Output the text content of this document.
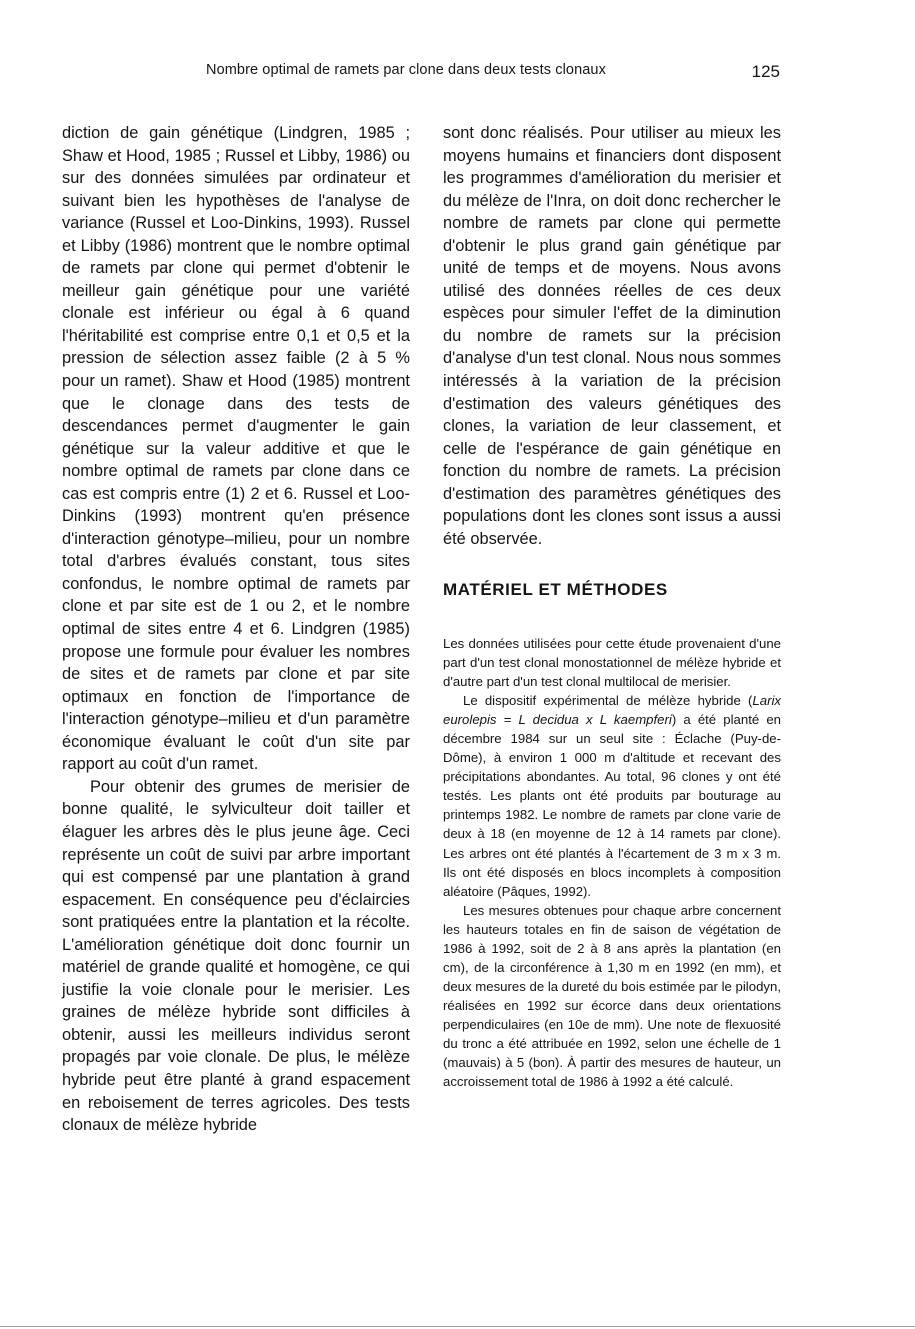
Nombre optimal de ramets par clone dans deux tests clonaux	125

diction de gain génétique (Lindgren, 1985 ; Shaw et Hood, 1985 ; Russel et Libby, 1986) ou sur des données simulées par ordinateur et suivant bien les hypothèses de l'analyse de variance (Russel et Loo-Dinkins, 1993). Russel et Libby (1986) montrent que le nombre optimal de ramets par clone qui permet d'obtenir le meilleur gain génétique pour une variété clonale est inférieur ou égal à 6 quand l'héritabilité est comprise entre 0,1 et 0,5 et la pression de sélection assez faible (2 à 5 % pour un ramet). Shaw et Hood (1985) montrent que le clonage dans des tests de descendances permet d'augmenter le gain génétique sur la valeur additive et que le nombre optimal de ramets par clone dans ce cas est compris entre (1) 2 et 6. Russel et Loo-Dinkins (1993) montrent qu'en présence d'interaction génotype–milieu, pour un nombre total d'arbres évalués constant, tous sites confondus, le nombre optimal de ramets par clone et par site est de 1 ou 2, et le nombre optimal de sites entre 4 et 6. Lindgren (1985) propose une formule pour évaluer les nombres de sites et de ramets par clone et par site optimaux en fonction de l'importance de l'interaction génotype–milieu et d'un paramètre économique évaluant le coût d'un site par rapport au coût d'un ramet.

Pour obtenir des grumes de merisier de bonne qualité, le sylviculteur doit tailler et élaguer les arbres dès le plus jeune âge. Ceci représente un coût de suivi par arbre important qui est compensé par une plantation à grand espacement. En conséquence peu d'éclaircies sont pratiquées entre la plantation et la récolte. L'amélioration génétique doit donc fournir un matériel de grande qualité et homogène, ce qui justifie la voie clonale pour le merisier. Les graines de mélèze hybride sont difficiles à obtenir, aussi les meilleurs individus seront propagés par voie clonale. De plus, le mélèze hybride peut être planté à grand espacement en reboisement de terres agricoles. Des tests clonaux de mélèze hybride

sont donc réalisés. Pour utiliser au mieux les moyens humains et financiers dont disposent les programmes d'amélioration du merisier et du mélèze de l'Inra, on doit donc rechercher le nombre de ramets par clone qui permette d'obtenir le plus grand gain génétique par unité de temps et de moyens. Nous avons utilisé des données réelles de ces deux espèces pour simuler l'effet de la diminution du nombre de ramets sur la précision d'analyse d'un test clonal. Nous nous sommes intéressés à la variation de la précision d'estimation des valeurs génétiques des clones, la variation de leur classement, et celle de l'espérance de gain génétique en fonction du nombre de ramets. La précision d'estimation des paramètres génétiques des populations dont les clones sont issus a aussi été observée.

MATÉRIEL ET MÉTHODES

Les données utilisées pour cette étude provenaient d'une part d'un test clonal monostationnel de mélèze hybride et d'autre part d'un test clonal multilocal de merisier.

Le dispositif expérimental de mélèze hybride (Larix eurolepis = L decidua x L kaempferi) a été planté en décembre 1984 sur un seul site : Éclache (Puy-de-Dôme), à environ 1 000 m d'altitude et recevant des précipitations abondantes. Au total, 96 clones y ont été testés. Les plants ont été produits par bouturage au printemps 1982. Le nombre de ramets par clone varie de deux à 18 (en moyenne de 12 à 14 ramets par clone). Les arbres ont été plantés à l'écartement de 3 m x 3 m. Ils ont été disposés en blocs incomplets à composition aléatoire (Pâques, 1992).

Les mesures obtenues pour chaque arbre concernent les hauteurs totales en fin de saison de végétation de 1986 à 1992, soit de 2 à 8 ans après la plantation (en cm), de la circonférence à 1,30 m en 1992 (en mm), et deux mesures de la dureté du bois estimée par le pilodyn, réalisées en 1992 sur écorce dans deux orientations perpendiculaires (en 10e de mm). Une note de flexuosité du tronc a été attribuée en 1992, selon une échelle de 1 (mauvais) à 5 (bon). À partir des mesures de hauteur, un accroissement total de 1986 à 1992 a été calculé.
